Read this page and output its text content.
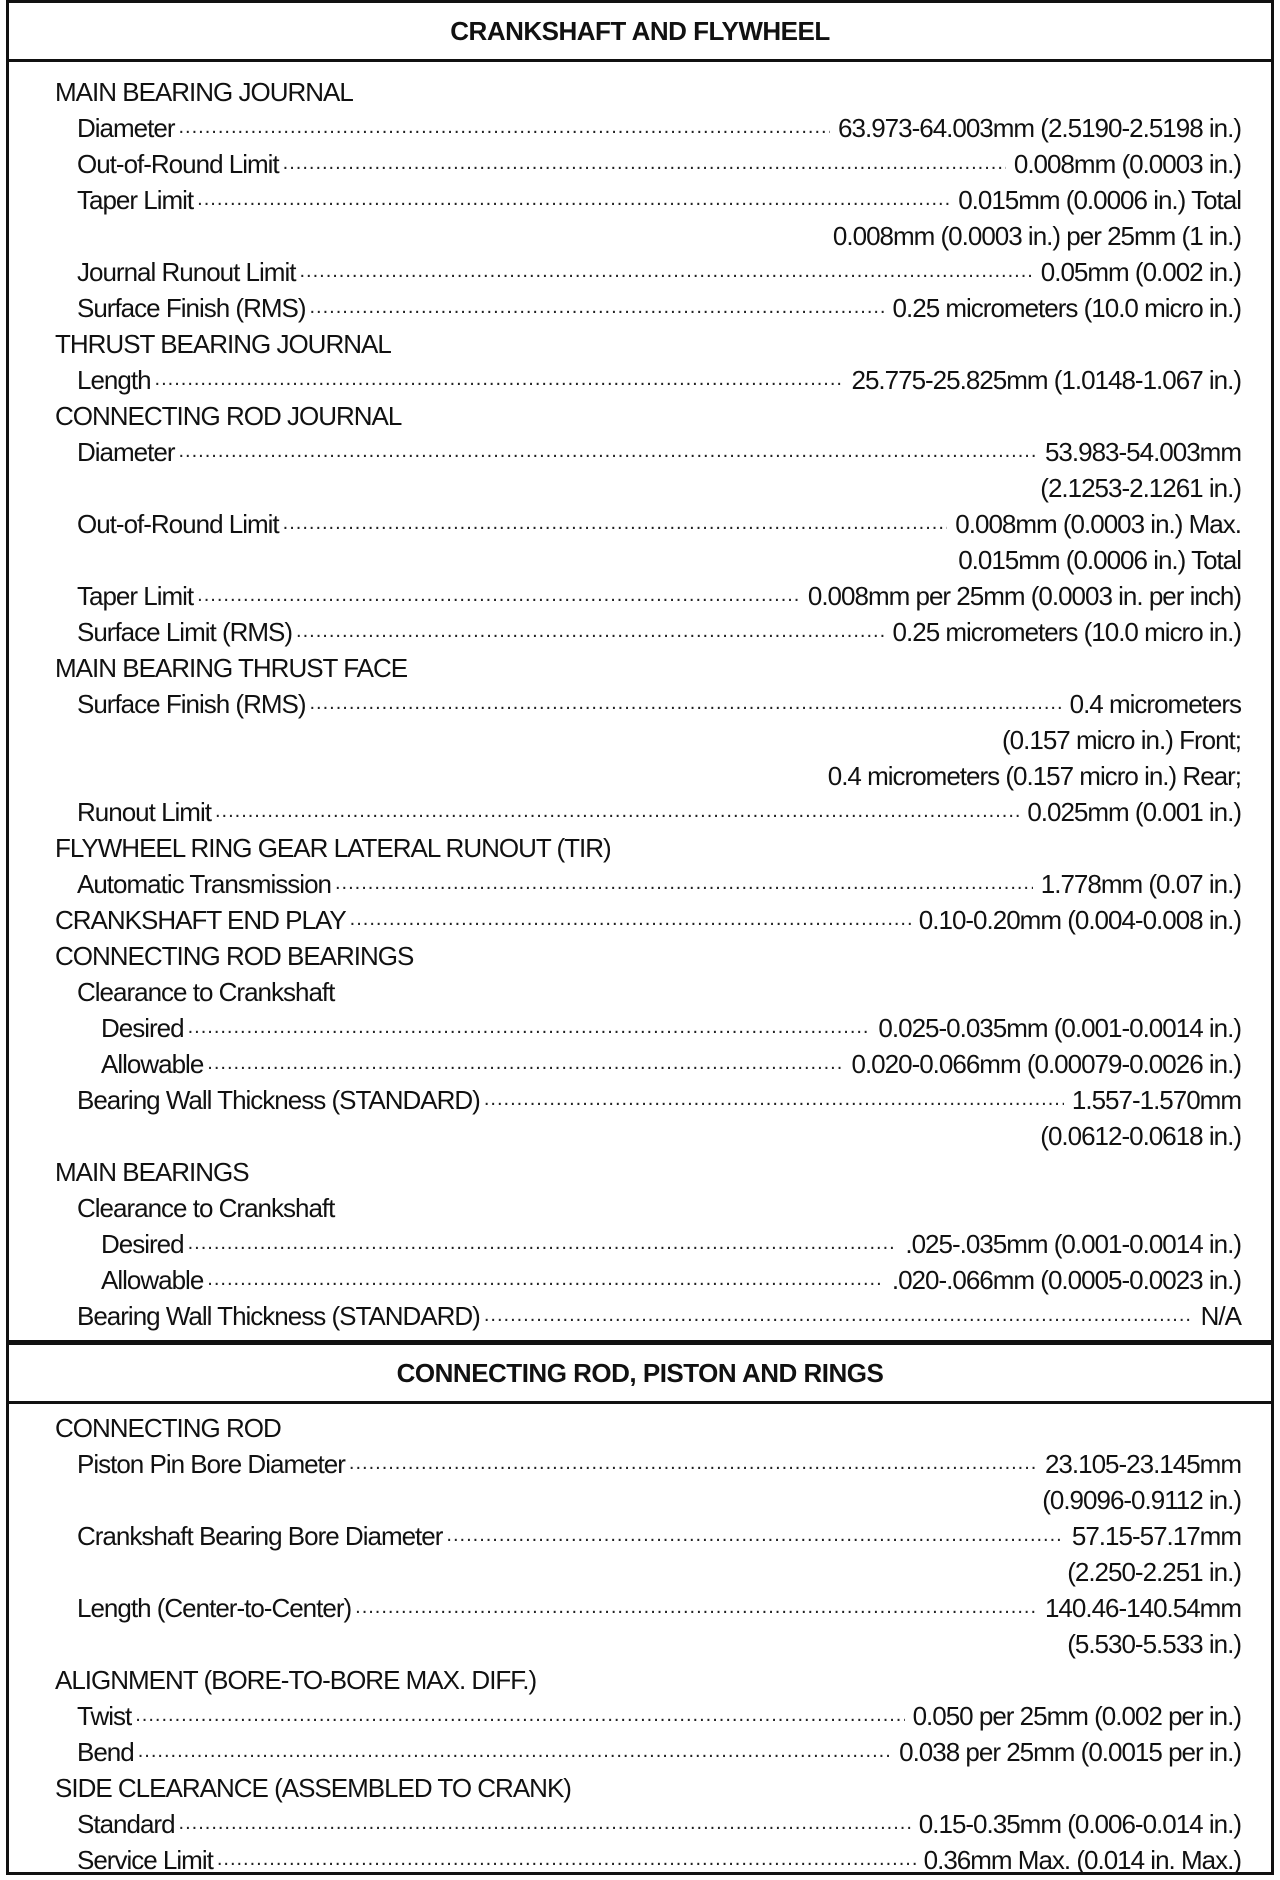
CRANKSHAFT AND FLYWHEEL
MAIN BEARING JOURNAL
Diameter .....	63.973-64.003mm (2.5190-2.5198 in.)
Out-of-Round Limit .....	0.008mm (0.0003 in.)
Taper Limit .....	0.015mm (0.0006 in.) Total
0.008mm (0.0003 in.) per 25mm (1 in.)
Journal Runout Limit .....	0.05mm (0.002 in.)
Surface Finish (RMS) .....	0.25 micrometers (10.0 micro in.)
THRUST BEARING JOURNAL
Length .....	25.775-25.825mm (1.0148-1.067 in.)
CONNECTING ROD JOURNAL
Diameter .....	53.983-54.003mm
(2.1253-2.1261 in.)
Out-of-Round Limit .....	0.008mm (0.0003 in.) Max.
0.015mm (0.0006 in.) Total
Taper Limit .....	0.008mm per 25mm (0.0003 in. per inch)
Surface Limit (RMS) .....	0.25 micrometers (10.0 micro in.)
MAIN BEARING THRUST FACE
Surface Finish (RMS) .....	0.4 micrometers
(0.157 micro in.) Front;
0.4 micrometers (0.157 micro in.) Rear;
Runout Limit .....	0.025mm (0.001 in.)
FLYWHEEL RING GEAR LATERAL RUNOUT (TIR)
Automatic Transmission .....	1.778mm (0.07 in.)
CRANKSHAFT END PLAY .....	0.10-0.20mm (0.004-0.008 in.)
CONNECTING ROD BEARINGS
Clearance to Crankshaft
Desired .....	0.025-0.035mm (0.001-0.0014 in.)
Allowable .....	0.020-0.066mm (0.00079-0.0026 in.)
Bearing Wall Thickness (STANDARD) .....	1.557-1.570mm
(0.0612-0.0618 in.)
MAIN BEARINGS
Clearance to Crankshaft
Desired .....	.025-.035mm (0.001-0.0014 in.)
Allowable .....	.020-.066mm (0.0005-0.0023 in.)
Bearing Wall Thickness (STANDARD) .....	N/A
CONNECTING ROD, PISTON AND RINGS
CONNECTING ROD
Piston Pin Bore Diameter .....	23.105-23.145mm
(0.9096-0.9112 in.)
Crankshaft Bearing Bore Diameter .....	57.15-57.17mm
(2.250-2.251 in.)
Length (Center-to-Center) .....	140.46-140.54mm
(5.530-5.533 in.)
ALIGNMENT (BORE-TO-BORE MAX. DIFF.)
Twist .....	0.050 per 25mm (0.002 per in.)
Bend .....	0.038 per 25mm (0.0015 per in.)
SIDE CLEARANCE (ASSEMBLED TO CRANK)
Standard .....	0.15-0.35mm (0.006-0.014 in.)
Service Limit .....	0.36mm Max. (0.014 in. Max.)
